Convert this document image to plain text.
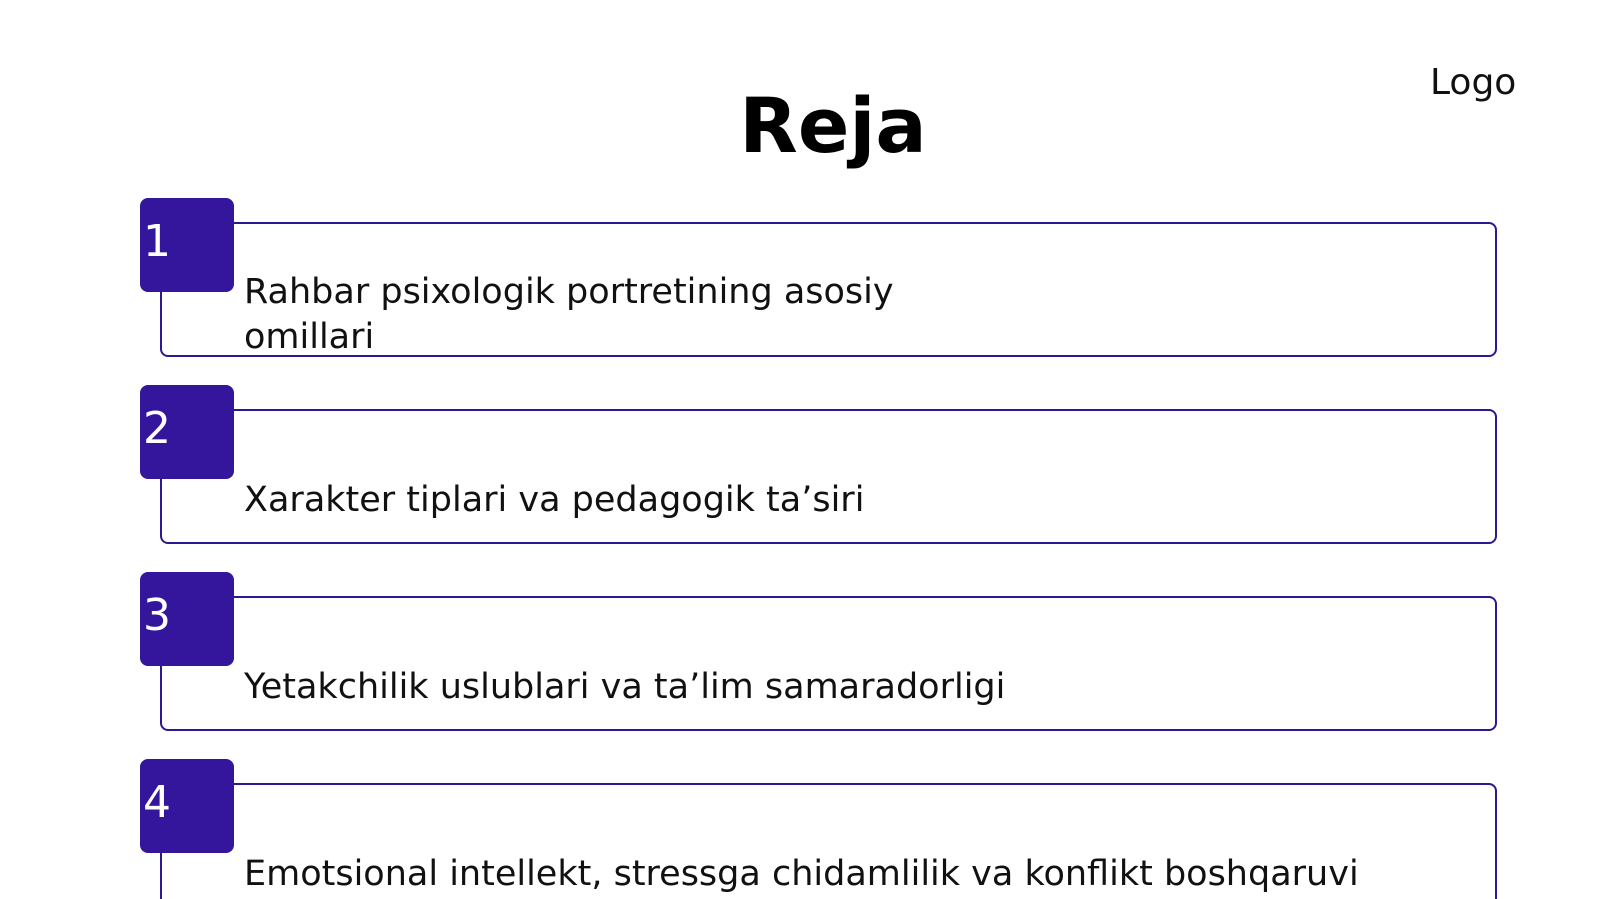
Logo
Reja
1
Rahbar psixologik portretining asosiy omillari
2
Xarakter tiplari va pedagogik ta’siri
3
Yetakchilik uslublari va ta’lim samaradorligi
4
Emotsional intellekt, stressga chidamlilik va konflikt boshqaruvi
